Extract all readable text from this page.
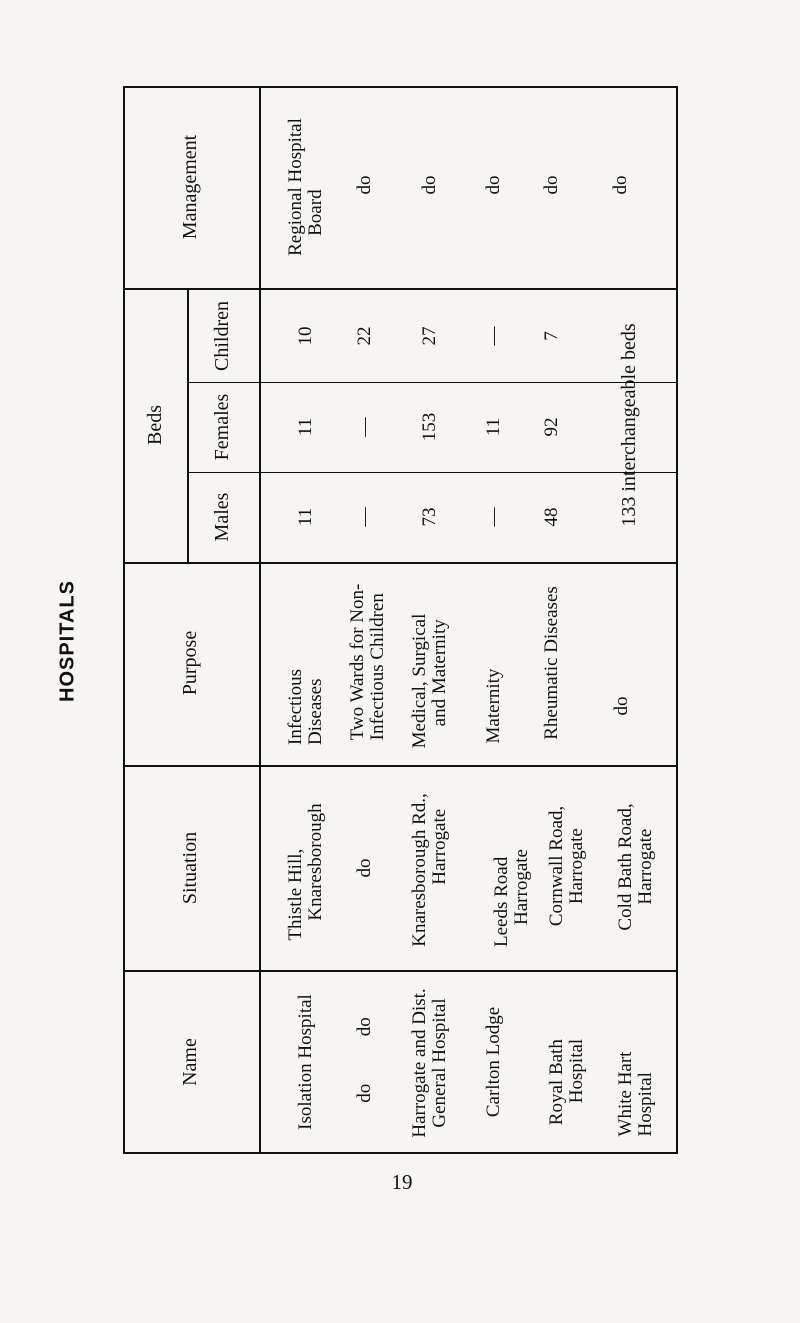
HOSPITALS
Management
Beds
Children
Females
Males
Purpose
Situation
Name
Regional Hospital Board
10
11
11
Infectious Diseases
Thistle Hill, Knaresborough
Isolation Hospital
do
22
—
—
Two Wards for Non- Infectious Children
do
do          do
do
27
153
73
Medical, Surgical and Maternity
Knaresborough Rd., Harrogate
Harrogate and Dist. General Hospital
do
—
11
—
Maternity
Leeds Road Harrogate
Carlton Lodge
do
7
92
48
Rheumatic Diseases
Cornwall Road, Harrogate
Royal Bath Hospital
do
133 interchangeable beds
do
Cold Bath Road, Harrogate
White Hart Hospital
19
